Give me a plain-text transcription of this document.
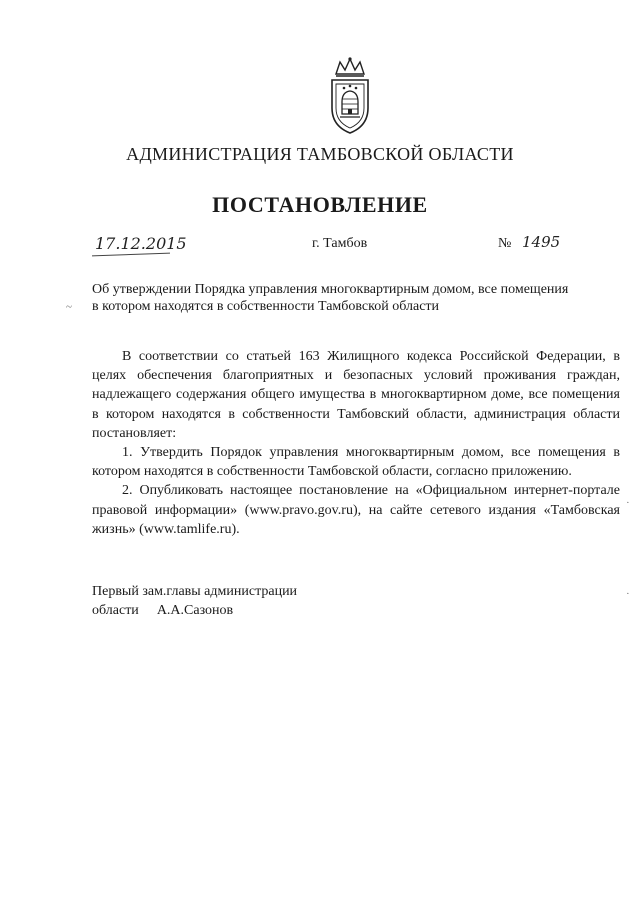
АДМИНИСТРАЦИЯ ТАМБОВСКОЙ ОБЛАСТИ
ПОСТАНОВЛЕНИЕ
17.12.2015	г. Тамбов	№ 1495
Об утверждении Порядка управления многоквартирным домом, все помещения
в котором находятся в собственности Тамбовской области

В соответствии со статьей 163 Жилищного кодекса Российской Федерации, в целях обеспечения благоприятных и безопасных условий проживания граждан, надлежащего содержания общего имущества в многоквартирном доме, все помещения в котором находятся в собственности Тамбовский области, администрация области постановляет:

1. Утвердить Порядок управления многоквартирным домом, все помещения в котором находятся в собственности Тамбовской области, согласно приложению.

2. Опубликовать настоящее постановление на «Официальном интернет-портале правовой информации» (www.pravo.gov.ru), на сайте сетевого издания «Тамбовская жизнь» (www.tamlife.ru).

Первый зам.главы администрации
области А.А.Сазонов
~
·
·
